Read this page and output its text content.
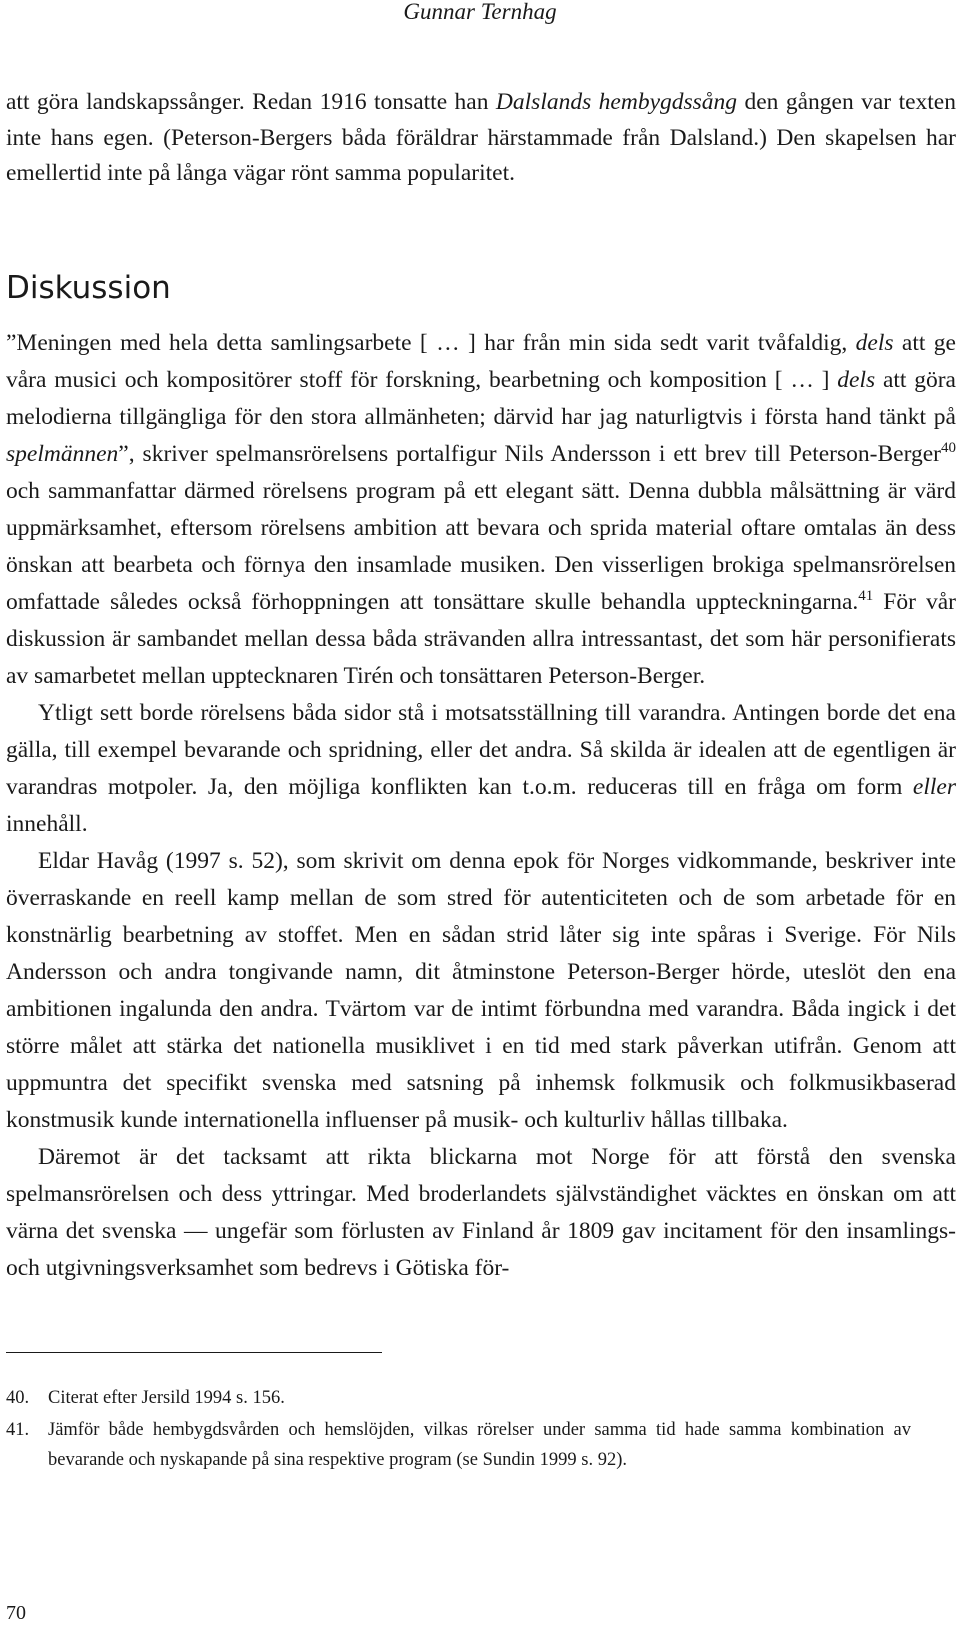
Gunnar Ternhag

att göra landskapssånger. Redan 1916 tonsatte han Dalslands hembygdssång den gången var texten inte hans egen. (Peterson-Bergers båda föräldrar härstammade från Dalsland.) Den skapelsen har emellertid inte på långa vägar rönt samma popularitet.

Diskussion

”Meningen med hela detta samlingsarbete [ … ] har från min sida sedt varit tvåfaldig, dels att ge våra musici och kompositörer stoff för forskning, bearbetning och komposition [ … ] dels att göra melodierna tillgängliga för den stora allmänheten; därvid har jag naturligtvis i första hand tänkt på spelmännen”, skriver spelmansrörelsens portalfigur Nils Andersson i ett brev till Peterson-Berger$^{40}$ och sammanfattar därmed rörelsens program på ett elegant sätt. Denna dubbla målsättning är värd uppmärksamhet, eftersom rörelsens ambition att bevara och sprida material oftare omtalas än dess önskan att bearbeta och förnya den insamlade musiken. Den visserligen brokiga spelmansrörelsen omfattade således också förhoppningen att tonsättare skulle behandla uppteckningarna.$^{41}$ För vår diskussion är sambandet mellan dessa båda strävanden allra intressantast, det som här personifierats av samarbetet mellan upptecknaren Tirén och tonsättaren Peterson-Berger.

Ytligt sett borde rörelsens båda sidor stå i motsatsställning till varandra. Antingen borde det ena gälla, till exempel bevarande och spridning, eller det andra. Så skilda är idealen att de egentligen är varandras motpoler. Ja, den möjliga konflikten kan t.o.m. reduceras till en fråga om form eller innehåll.

Eldar Havåg (1997 s. 52), som skrivit om denna epok för Norges vidkommande, beskriver inte överraskande en reell kamp mellan de som stred för autenticiteten och de som arbetade för en konstnärlig bearbetning av stoffet. Men en sådan strid låter sig inte spåras i Sverige. För Nils Andersson och andra tongivande namn, dit åtminstone Peterson-Berger hörde, uteslöt den ena ambitionen ingalunda den andra. Tvärtom var de intimt förbundna med varandra. Båda ingick i det större målet att stärka det nationella musiklivet i en tid med stark påverkan utifrån. Genom att uppmuntra det specifikt svenska med satsning på inhemsk folkmusik och folkmusikbaserad konstmusik kunde internationella influenser på musik- och kulturliv hållas tillbaka.

Däremot är det tacksamt att rikta blickarna mot Norge för att förstå den svenska spelmansrörelsen och dess yttringar. Med broderlandets självständighet väcktes en önskan om att värna det svenska — ungefär som förlusten av Finland år 1809 gav incitament för den insamlings- och utgivningsverksamhet som bedrevs i Götiska för-

40.	Citerat efter Jersild 1994 s. 156.
41.	Jämför både hembygdsvården och hemslöjden, vilkas rörelser under samma tid hade samma kombination av bevarande och nyskapande på sina respektive program (se Sundin 1999 s. 92).
70
